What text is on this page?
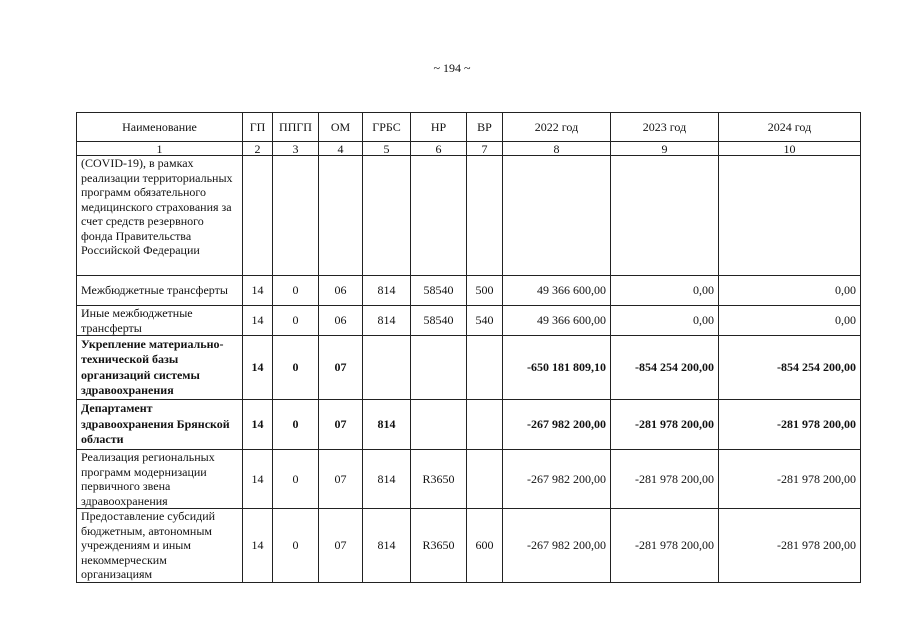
~ 194 ~
Наименование	ГП	ППГП	ОМ	ГРБС	НР	ВР	2022 год	2023 год	2024 год
1	2	3	4	5	6	7	8	9	10
(COVID-19), в рамках реализации территориальных программ обязательного медицинского страхования за счет средств резервного фонда Правительства Российской Федерации									
Межбюджетные трансферты	14	0	06	814	58540	500	49 366 600,00	0,00	0,00
Иные межбюджетные трансферты	14	0	06	814	58540	540	49 366 600,00	0,00	0,00
Укрепление материально-технической базы организаций системы здравоохранения	14	0	07				-650 181 809,10	-854 254 200,00	-854 254 200,00
Департамент здравоохранения Брянской области	14	0	07	814			-267 982 200,00	-281 978 200,00	-281 978 200,00
Реализация региональных программ модернизации первичного звена здравоохранения	14	0	07	814	R3650		-267 982 200,00	-281 978 200,00	-281 978 200,00
Предоставление субсидий бюджетным, автономным учреждениям и иным некоммерческим организациям	14	0	07	814	R3650	600	-267 982 200,00	-281 978 200,00	-281 978 200,00
